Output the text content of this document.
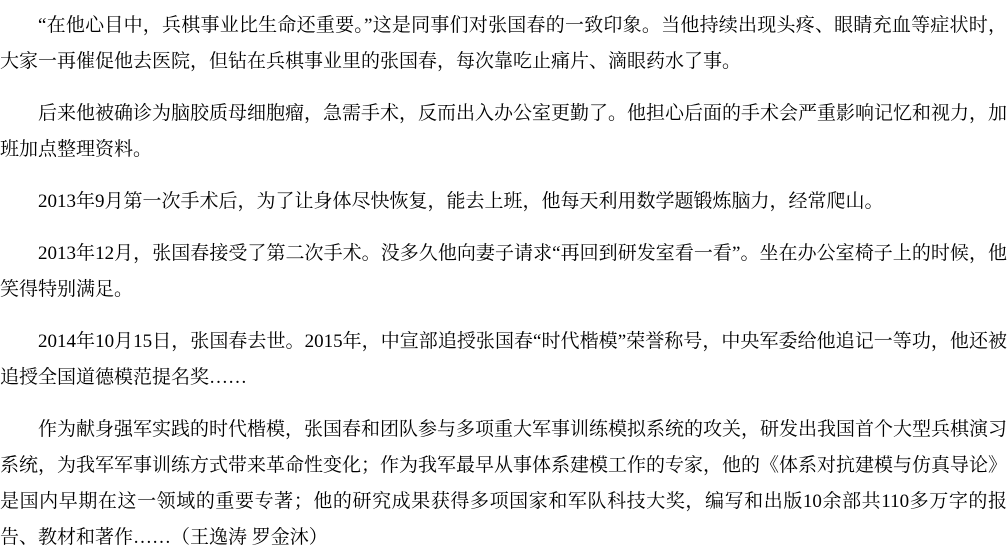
“在他心目中，兵棋事业比生命还重要。”这是同事们对张国春的一致印象。当他持续出现头疼、眼睛充血等症状时，大家一再催促他去医院，但钻在兵棋事业里的张国春，每次靠吃止痛片、滴眼药水了事。

后来他被确诊为脑胶质母细胞瘤，急需手术，反而出入办公室更勤了。他担心后面的手术会严重影响记忆和视力，加班加点整理资料。

2013年9月第一次手术后，为了让身体尽快恢复，能去上班，他每天利用数学题锻炼脑力，经常爬山。

2013年12月，张国春接受了第二次手术。没多久他向妻子请求“再回到研发室看一看”。坐在办公室椅子上的时候，他笑得特别满足。

2014年10月15日，张国春去世。2015年，中宣部追授张国春“时代楷模”荣誉称号，中央军委给他追记一等功，他还被追授全国道德模范提名奖……

作为献身强军实践的时代楷模，张国春和团队参与多项重大军事训练模拟系统的攻关，研发出我国首个大型兵棋演习系统，为我军军事训练方式带来革命性变化；作为我军最早从事体系建模工作的专家，他的《体系对抗建模与仿真导论》是国内早期在这一领域的重要专著；他的研究成果获得多项国家和军队科技大奖，编写和出版10余部共110多万字的报告、教材和著作……（王逸涛 罗金沐）
